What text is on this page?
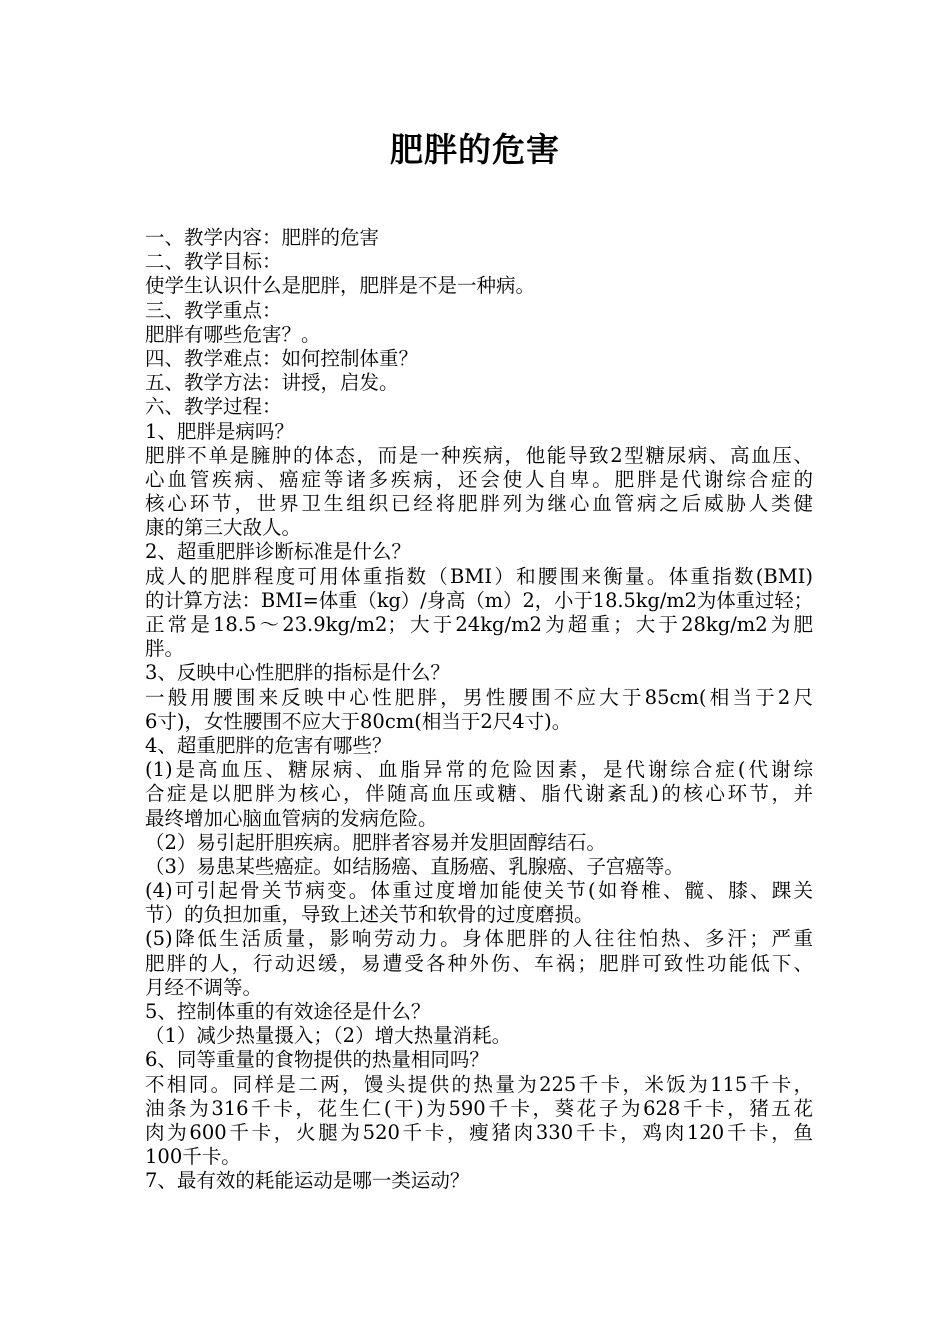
肥胖的危害
一、教学内容：肥胖的危害
二、教学目标：
使学生认识什么是肥胖，肥胖是不是一种病。
三、教学重点：
肥胖有哪些危害？。
四、教学难点：如何控制体重？
五、教学方法：讲授，启发。
六、教学过程：
1、肥胖是病吗？
肥胖不单是臃肿的体态，而是一种疾病，他能导致2型糖尿病、高血压、
心血管疾病、癌症等诸多疾病，还会使人自卑。肥胖是代谢综合症的
核心环节，世界卫生组织已经将肥胖列为继心血管病之后威胁人类健
康的第三大敌人。
2、超重肥胖诊断标准是什么？
成人的肥胖程度可用体重指数（BMI）和腰围来衡量。体重指数(BMI)
的计算方法：BMI=体重（kg）/身高（m）2，小于18.5kg/m2为体重过轻；
正常是18.5～23.9kg/m2；大于24kg/m2为超重；大于28kg/m2为肥
胖。
3、反映中心性肥胖的指标是什么？
一般用腰围来反映中心性肥胖，男性腰围不应大于85cm(相当于2尺
6寸)，女性腰围不应大于80cm(相当于2尺4寸)。
4、超重肥胖的危害有哪些？
(1)是高血压、糖尿病、血脂异常的危险因素，是代谢综合症(代谢综
合症是以肥胖为核心，伴随高血压或糖、脂代谢紊乱)的核心环节，并
最终增加心脑血管病的发病危险。
（2）易引起肝胆疾病。肥胖者容易并发胆固醇结石。
（3）易患某些癌症。如结肠癌、直肠癌、乳腺癌、子宫癌等。
(4)可引起骨关节病变。体重过度增加能使关节(如脊椎、髋、膝、踝关
节）的负担加重，导致上述关节和软骨的过度磨损。
(5)降低生活质量，影响劳动力。身体肥胖的人往往怕热、多汗；严重
肥胖的人，行动迟缓，易遭受各种外伤、车祸；肥胖可致性功能低下、
月经不调等。
5、控制体重的有效途径是什么？
（1）减少热量摄入；（2）增大热量消耗。
6、同等重量的食物提供的热量相同吗？
不相同。同样是二两，馒头提供的热量为225千卡，米饭为115千卡，
油条为316千卡，花生仁(干)为590千卡，葵花子为628千卡，猪五花
肉为600千卡，火腿为520千卡，瘦猪肉330千卡，鸡肉120千卡，鱼
100千卡。
7、最有效的耗能运动是哪一类运动？
